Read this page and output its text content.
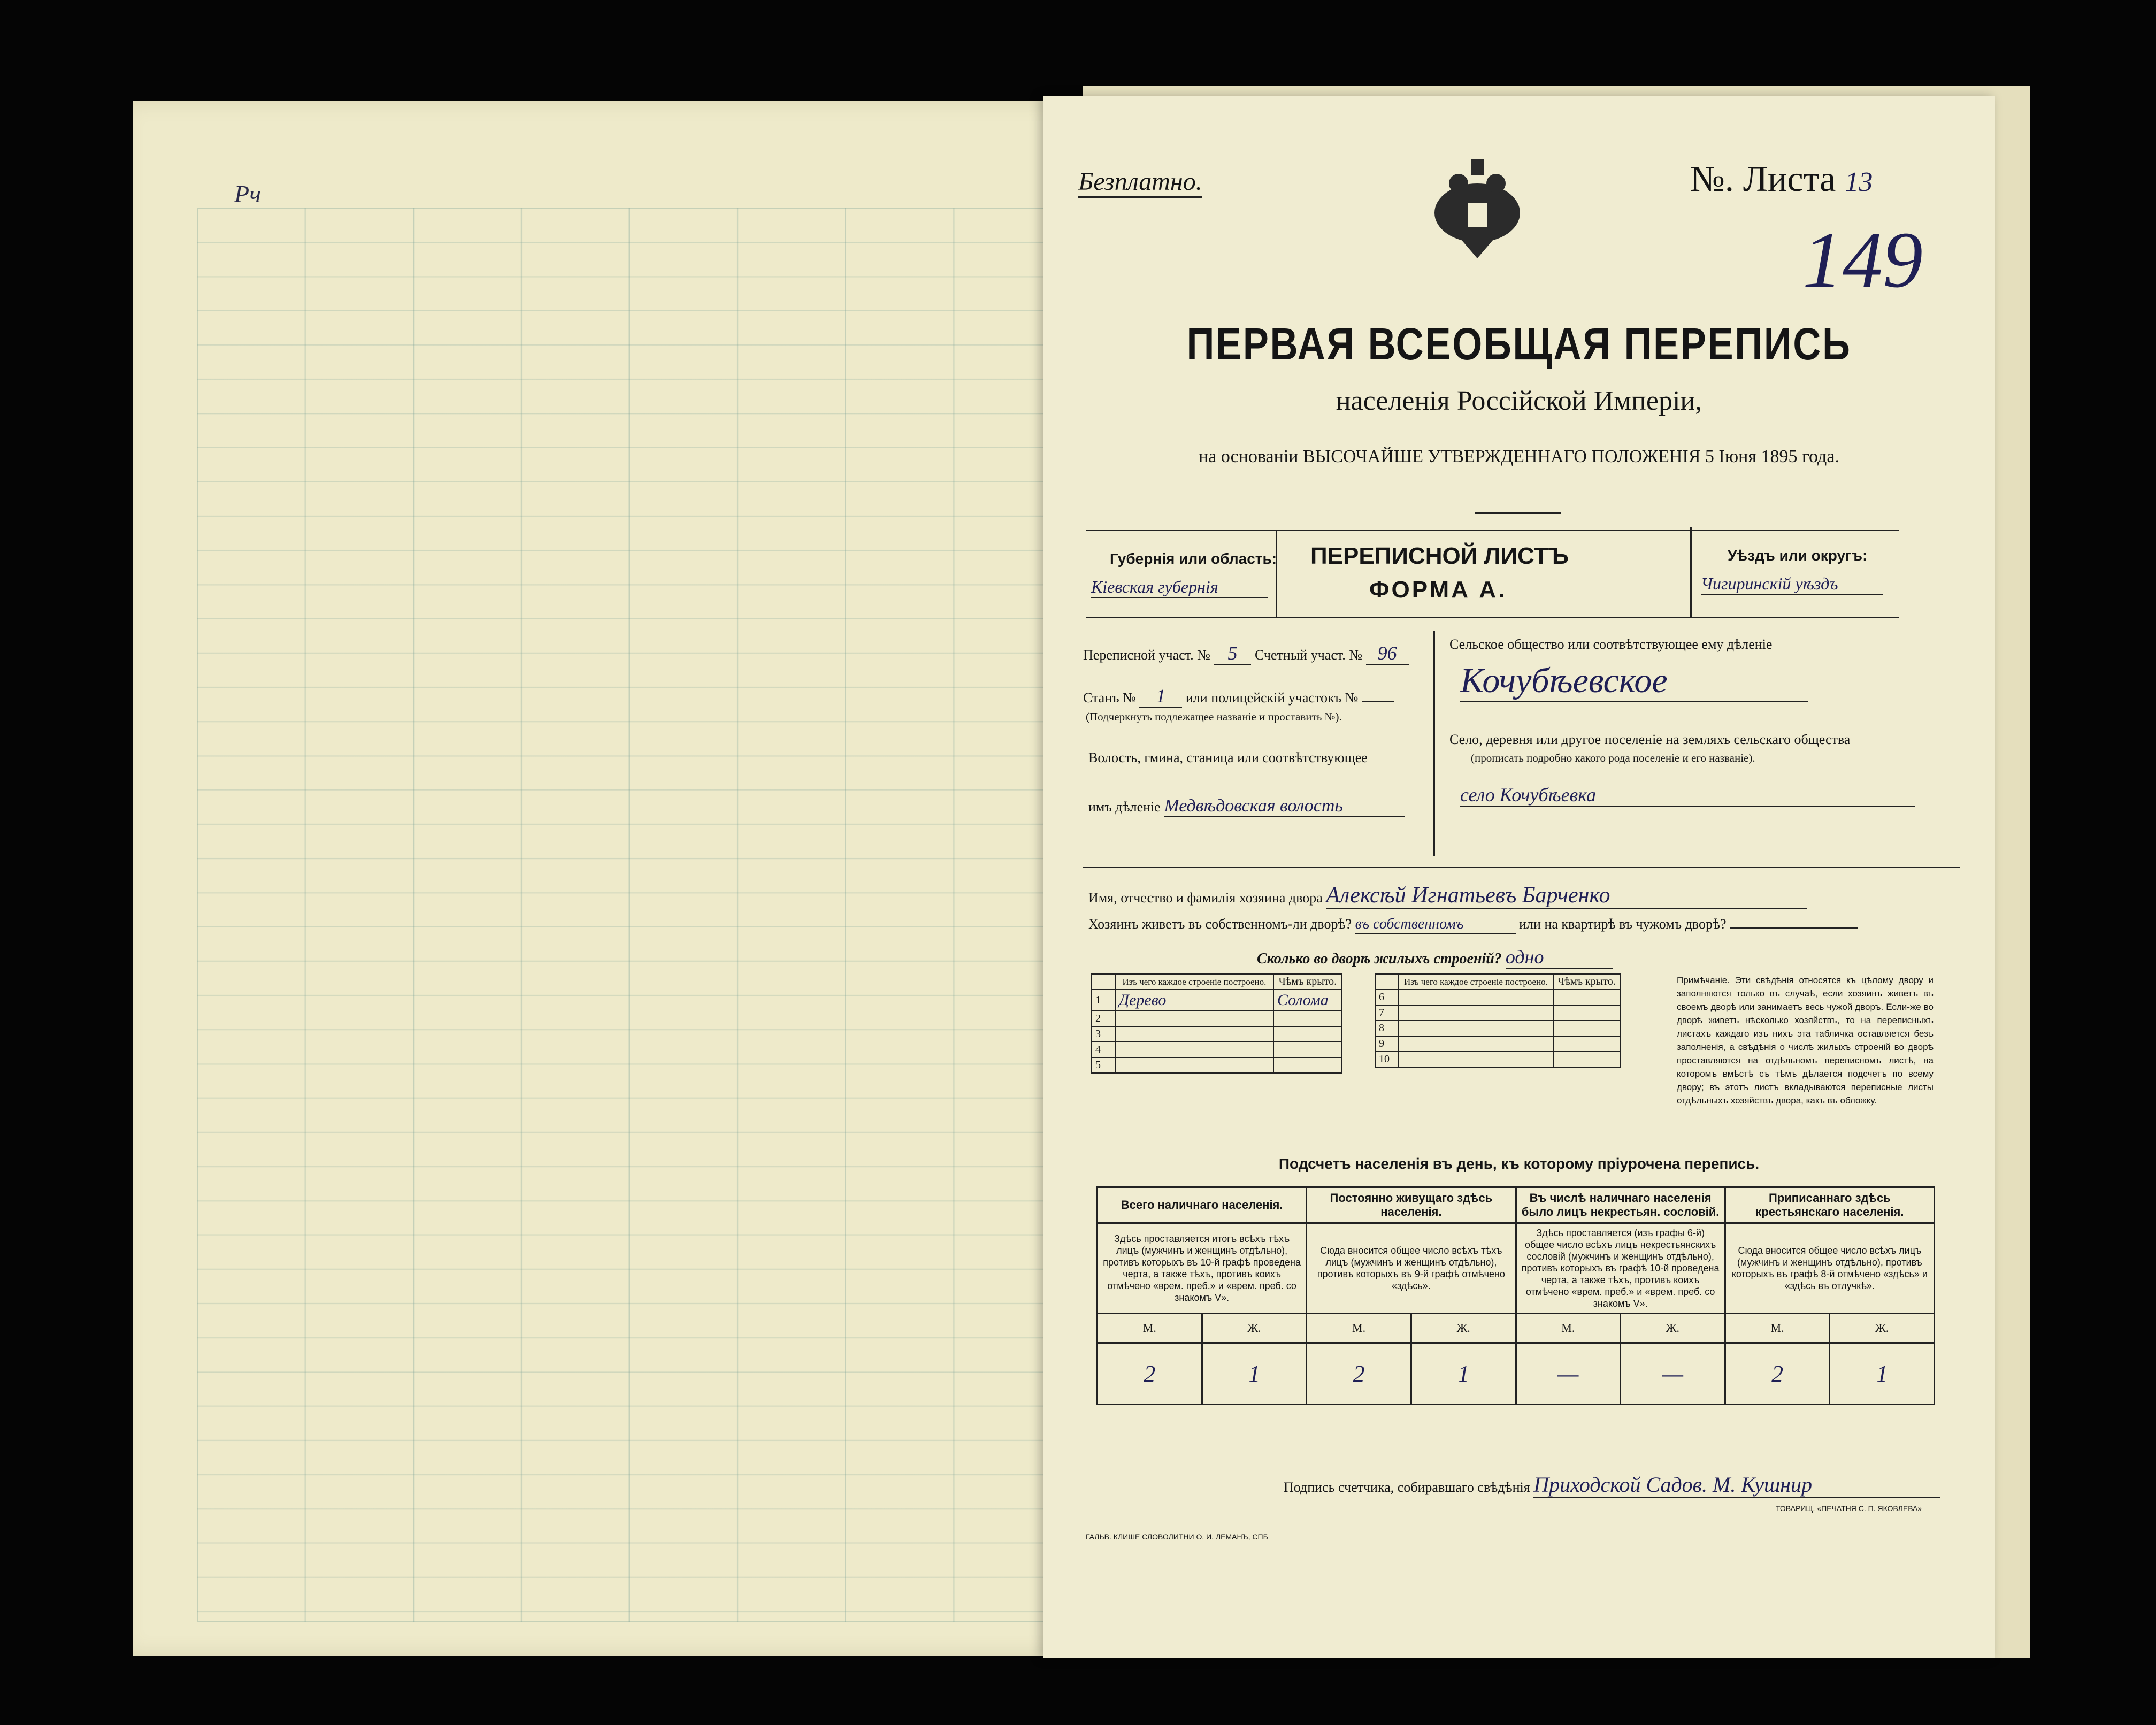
Рч	Безплатно.	№. Листа 13
149
ПЕРВАЯ ВСЕОБЩАЯ ПЕРЕПИСЬ
населенія Россійской Имперіи,
на основаніи ВЫСОЧАЙШЕ УТВЕРЖДЕННАГО ПОЛОЖЕНІЯ 5 Іюня 1895 года.
Губернія или область:
Кіевская губернія
ПЕРЕПИСНОЙ ЛИСТЪ
ФОРМА А.
Уѣздъ или округъ:
Чигиринскій уѣздъ
Переписной участ. № 5 Счетный участ. № 96
Станъ № 1 или полицейскій участокъ №
(Подчеркнуть подлежащее названіе и проставить №).
Волость, гмина, станица или соотвѣтствующее
имъ дѣленіе Медвѣдовская волость
Сельское общество или соотвѣтствующее ему дѣленіе
Кочубѣевское
Село, деревня или другое поселеніе на земляхъ сельскаго общества
(прописать подробно какого рода поселеніе и его названіе).
село Кочубѣевка
Имя, отчество и фамилія хозяина двора Алексѣй Игнатьевъ Барченко
Хозяинъ живетъ въ собственномъ-ли дворѣ? въ собственномъ	или на квартирѣ въ чужомъ дворѣ?
Сколько во дворѣ жилыхъ строеній? одно
	Изъ чего каждое строеніе построено.	Чѣмъ крыто.
1	Дерево	Солома
2		
3		
4		
5		
	Изъ чего каждое строеніе построено.	Чѣмъ крыто.
6		
7		
8		
9		
10		
Примѣчаніе. Эти свѣдѣнія относятся къ цѣлому двору и заполняются только въ случаѣ, если хозяинъ живетъ въ своемъ дворѣ или занимаетъ весь чужой дворъ. Если-же во дворѣ живетъ нѣсколько хозяйствъ, то на переписныхъ листахъ каждаго изъ нихъ эта табличка оставляется безъ заполненія, а свѣдѣнія о числѣ жилыхъ строеній во дворѣ проставляются на отдѣльномъ переписномъ листѣ, на которомъ вмѣстѣ съ тѣмъ дѣлается подсчетъ по всему двору; въ этотъ листъ вкладываются переписные листы отдѣльныхъ хозяйствъ двора, какъ въ обложку.
Подсчетъ населенія въ день, къ которому пріурочена перепись.
Всего наличнаго населенія.		Постоянно живущаго здѣсь населенія.		Въ числѣ наличнаго населенія было лицъ некрестьян. сословій.		Приписаннаго здѣсь крестьянскаго населенія.	
Здѣсь проставляется итогъ всѣхъ тѣхъ лицъ (мужчинъ и женщинъ отдѣльно), противъ которыхъ въ 10-й графѣ проведена черта, а также тѣхъ, противъ коихъ отмѣчено «врем. преб.» и «врем. преб. со знакомъ V».		Сюда вносится общее число всѣхъ тѣхъ лицъ (мужчинъ и женщинъ отдѣльно), противъ которыхъ въ 9-й графѣ отмѣчено «здѣсь».		Здѣсь проставляется (изъ графы 6-й) общее число всѣхъ лицъ некрестьянскихъ сословій (мужчинъ и женщинъ отдѣльно), противъ которыхъ въ графѣ 10-й проведена черта, а также тѣхъ, противъ коихъ отмѣчено «врем. преб.» и «врем. преб. со знакомъ V».		Сюда вносится общее число всѣхъ лицъ (мужчинъ и женщинъ отдѣльно), противъ которыхъ въ графѣ 8-й отмѣчено «здѣсь» и «здѣсь въ отлучкѣ».	
М.	Ж.	М.	Ж.	М.	Ж.	М.	Ж.
2	1	2	1	—	—	2	1
Подпись счетчика, собиравшаго свѣдѣнія Приходской Садов. М. Кушнир
ГАЛЬВ. КЛИШЕ СЛОВОЛИТНИ О. И. ЛЕМАНЪ, СПБ
ТОВАРИЩ. «ПЕЧАТНЯ С. П. ЯКОВЛЕВА»
